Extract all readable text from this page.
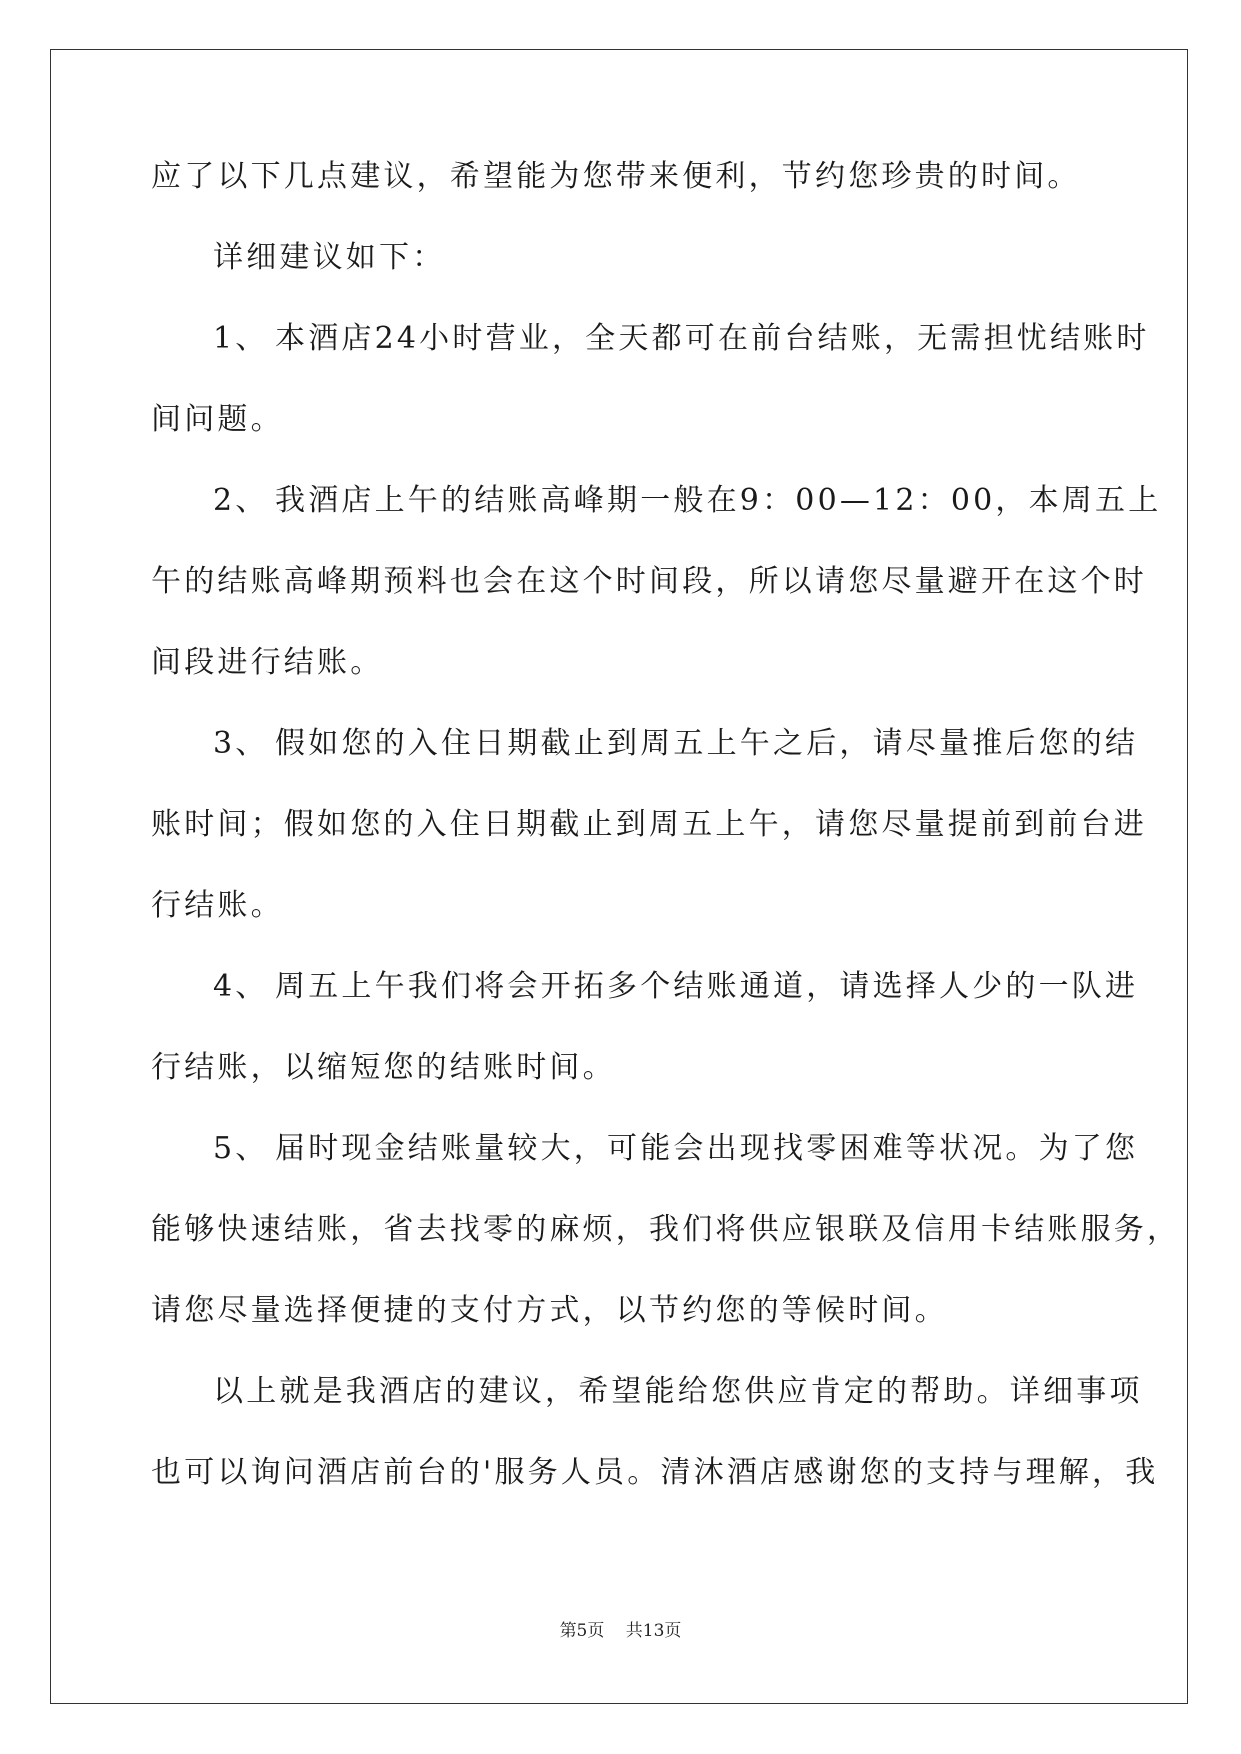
应了以下几点建议，希望能为您带来便利，节约您珍贵的时间。
详细建议如下：
1、 本酒店24小时营业，全天都可在前台结账，无需担忧结账时
间问题。
2、 我酒店上午的结账高峰期一般在9：00—12：00，本周五上
午的结账高峰期预料也会在这个时间段，所以请您尽量避开在这个时
间段进行结账。
3、 假如您的入住日期截止到周五上午之后，请尽量推后您的结
账时间；假如您的入住日期截止到周五上午，请您尽量提前到前台进
行结账。
4、 周五上午我们将会开拓多个结账通道，请选择人少的一队进
行结账，以缩短您的结账时间。
5、 届时现金结账量较大，可能会出现找零困难等状况。为了您
能够快速结账，省去找零的麻烦，我们将供应银联及信用卡结账服务，
请您尽量选择便捷的支付方式，以节约您的等候时间。
以上就是我酒店的建议，希望能给您供应肯定的帮助。详细事项
也可以询问酒店前台的'服务人员。清沐酒店感谢您的支持与理解，我
第5页 共13页
